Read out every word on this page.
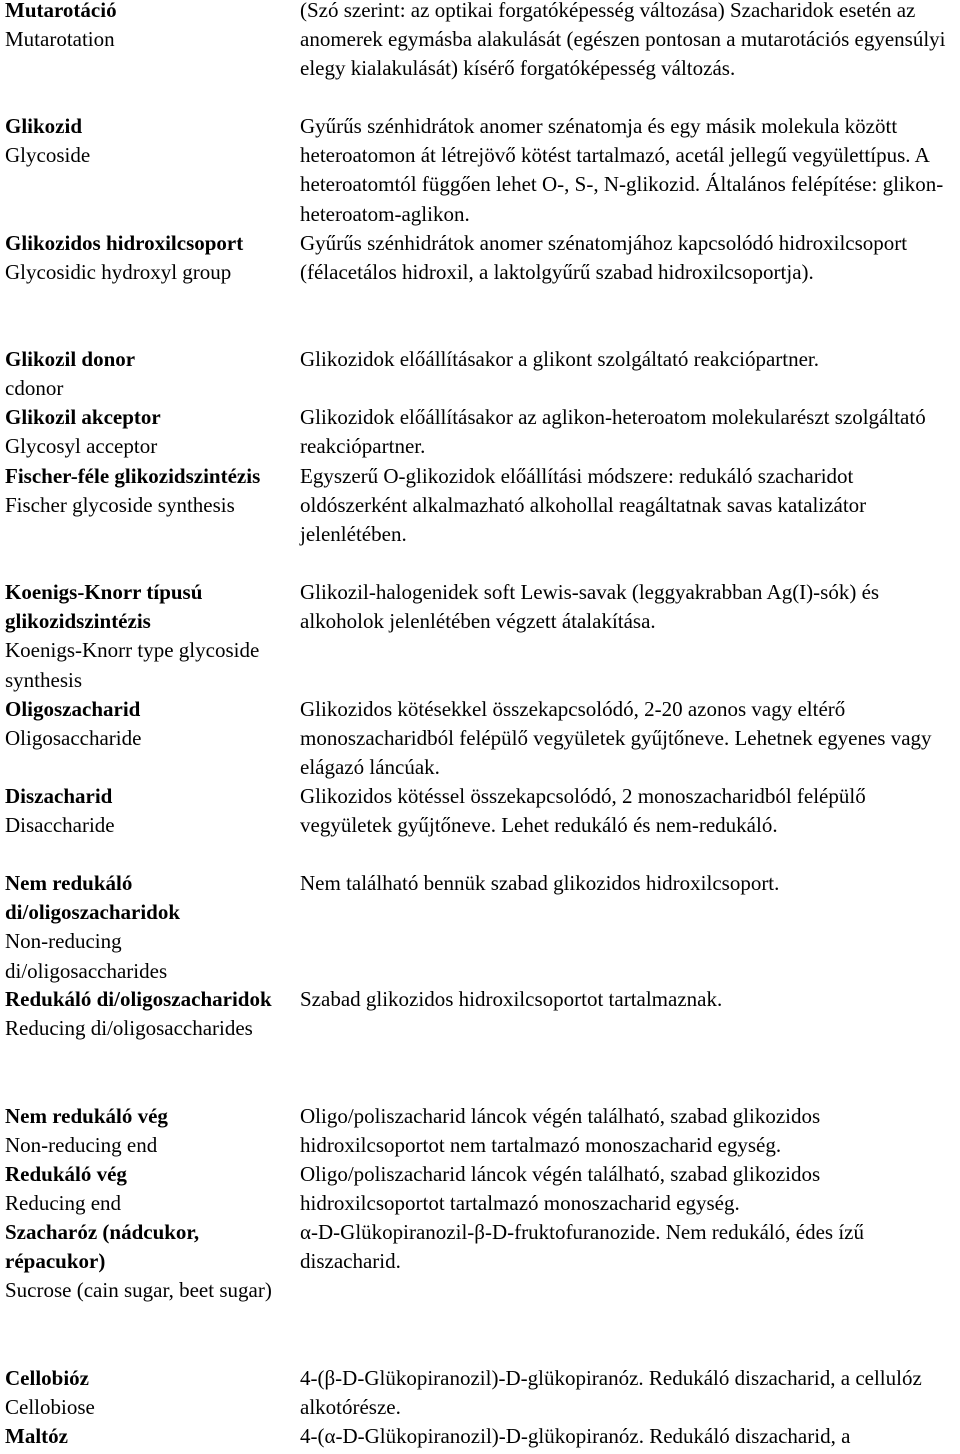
Mutarotáció
Mutarotation
(Szó szerint: az optikai forgatóképesség változása) Szacharidok esetén az anomerek egymásba alakulását (egészen pontosan a mutarotációs egyensúlyi elegy kialakulását) kísérő forgatóképesség változás.
Glikozid
Glycoside
Gyűrűs szénhidrátok anomer szénatomja és egy másik molekula között heteroatomon át létrejövő kötést tartalmazó, acetál jellegű vegyülettípus. A heteroatomtól függően lehet O-, S-, N-glikozid. Általános felépítése: glikon-heteroatom-aglikon.
Glikozidos hidroxilcsoport
Glycosidic hydroxyl group
Gyűrűs szénhidrátok anomer szénatomjához kapcsolódó hidroxilcsoport (félacetálos hidroxil, a laktolgyűrű szabad hidroxilcsoportja).
Glikozil donor
cdonor
Glikozidok előállításakor a glikont szolgáltató reakciópartner.
Glikozil akceptor
Glycosyl acceptor
Glikozidok előállításakor az aglikon-heteroatom molekularészt szolgáltató reakciópartner.
Fischer-féle glikozidszintézis
Fischer glycoside synthesis
Egyszerű O-glikozidok előállítási módszere: redukáló szacharidot oldószerként alkalmazható alkohollal reagáltatnak savas katalizátor jelenlétében.
Koenigs-Knorr típusú glikozidszintézis
Koenigs-Knorr type glycoside synthesis
Glikozil-halogenidek soft Lewis-savak (leggyakrabban Ag(I)-sók) és alkoholok jelenlétében végzett átalakítása.
Oligoszacharid
Oligosaccharide
Glikozidos kötésekkel összekapcsolódó, 2-20 azonos vagy eltérő monoszacharidból felépülő vegyületek gyűjtőneve. Lehetnek egyenes vagy elágazó láncúak.
Diszacharid
Disaccharide
Glikozidos kötéssel összekapcsolódó, 2 monoszacharidból felépülő vegyületek gyűjtőneve. Lehet redukáló és nem-redukáló.
Nem redukáló di/oligoszacharidok
Non-reducing di/oligosaccharides
Nem található bennük szabad glikozidos hidroxilcsoport.
Redukáló di/oligoszacharidok
Reducing di/oligosaccharides
Szabad glikozidos hidroxilcsoportot tartalmaznak.
Nem redukáló vég
Non-reducing end
Oligo/poliszacharid láncok végén található, szabad glikozidos hidroxilcsoportot nem tartalmazó monoszacharid egység.
Redukáló vég
Reducing end
Oligo/poliszacharid láncok végén található, szabad glikozidos hidroxilcsoportot tartalmazó monoszacharid egység.
Szacharóz (nádcukor, répacukor)
Sucrose (cain sugar, beet sugar)
α-D-Glükopiranozil-β-D-fruktofuranozide. Nem redukáló, édes ízű diszacharid.
Cellobióz
Cellobiose
4-(β-D-Glükopiranozil)-D-glükopiranóz. Redukáló diszacharid, a cellulóz alkotórésze.
Maltóz	4-(α-D-Glükopiranozil)-D-glükopiranóz. Redukáló diszacharid, a
